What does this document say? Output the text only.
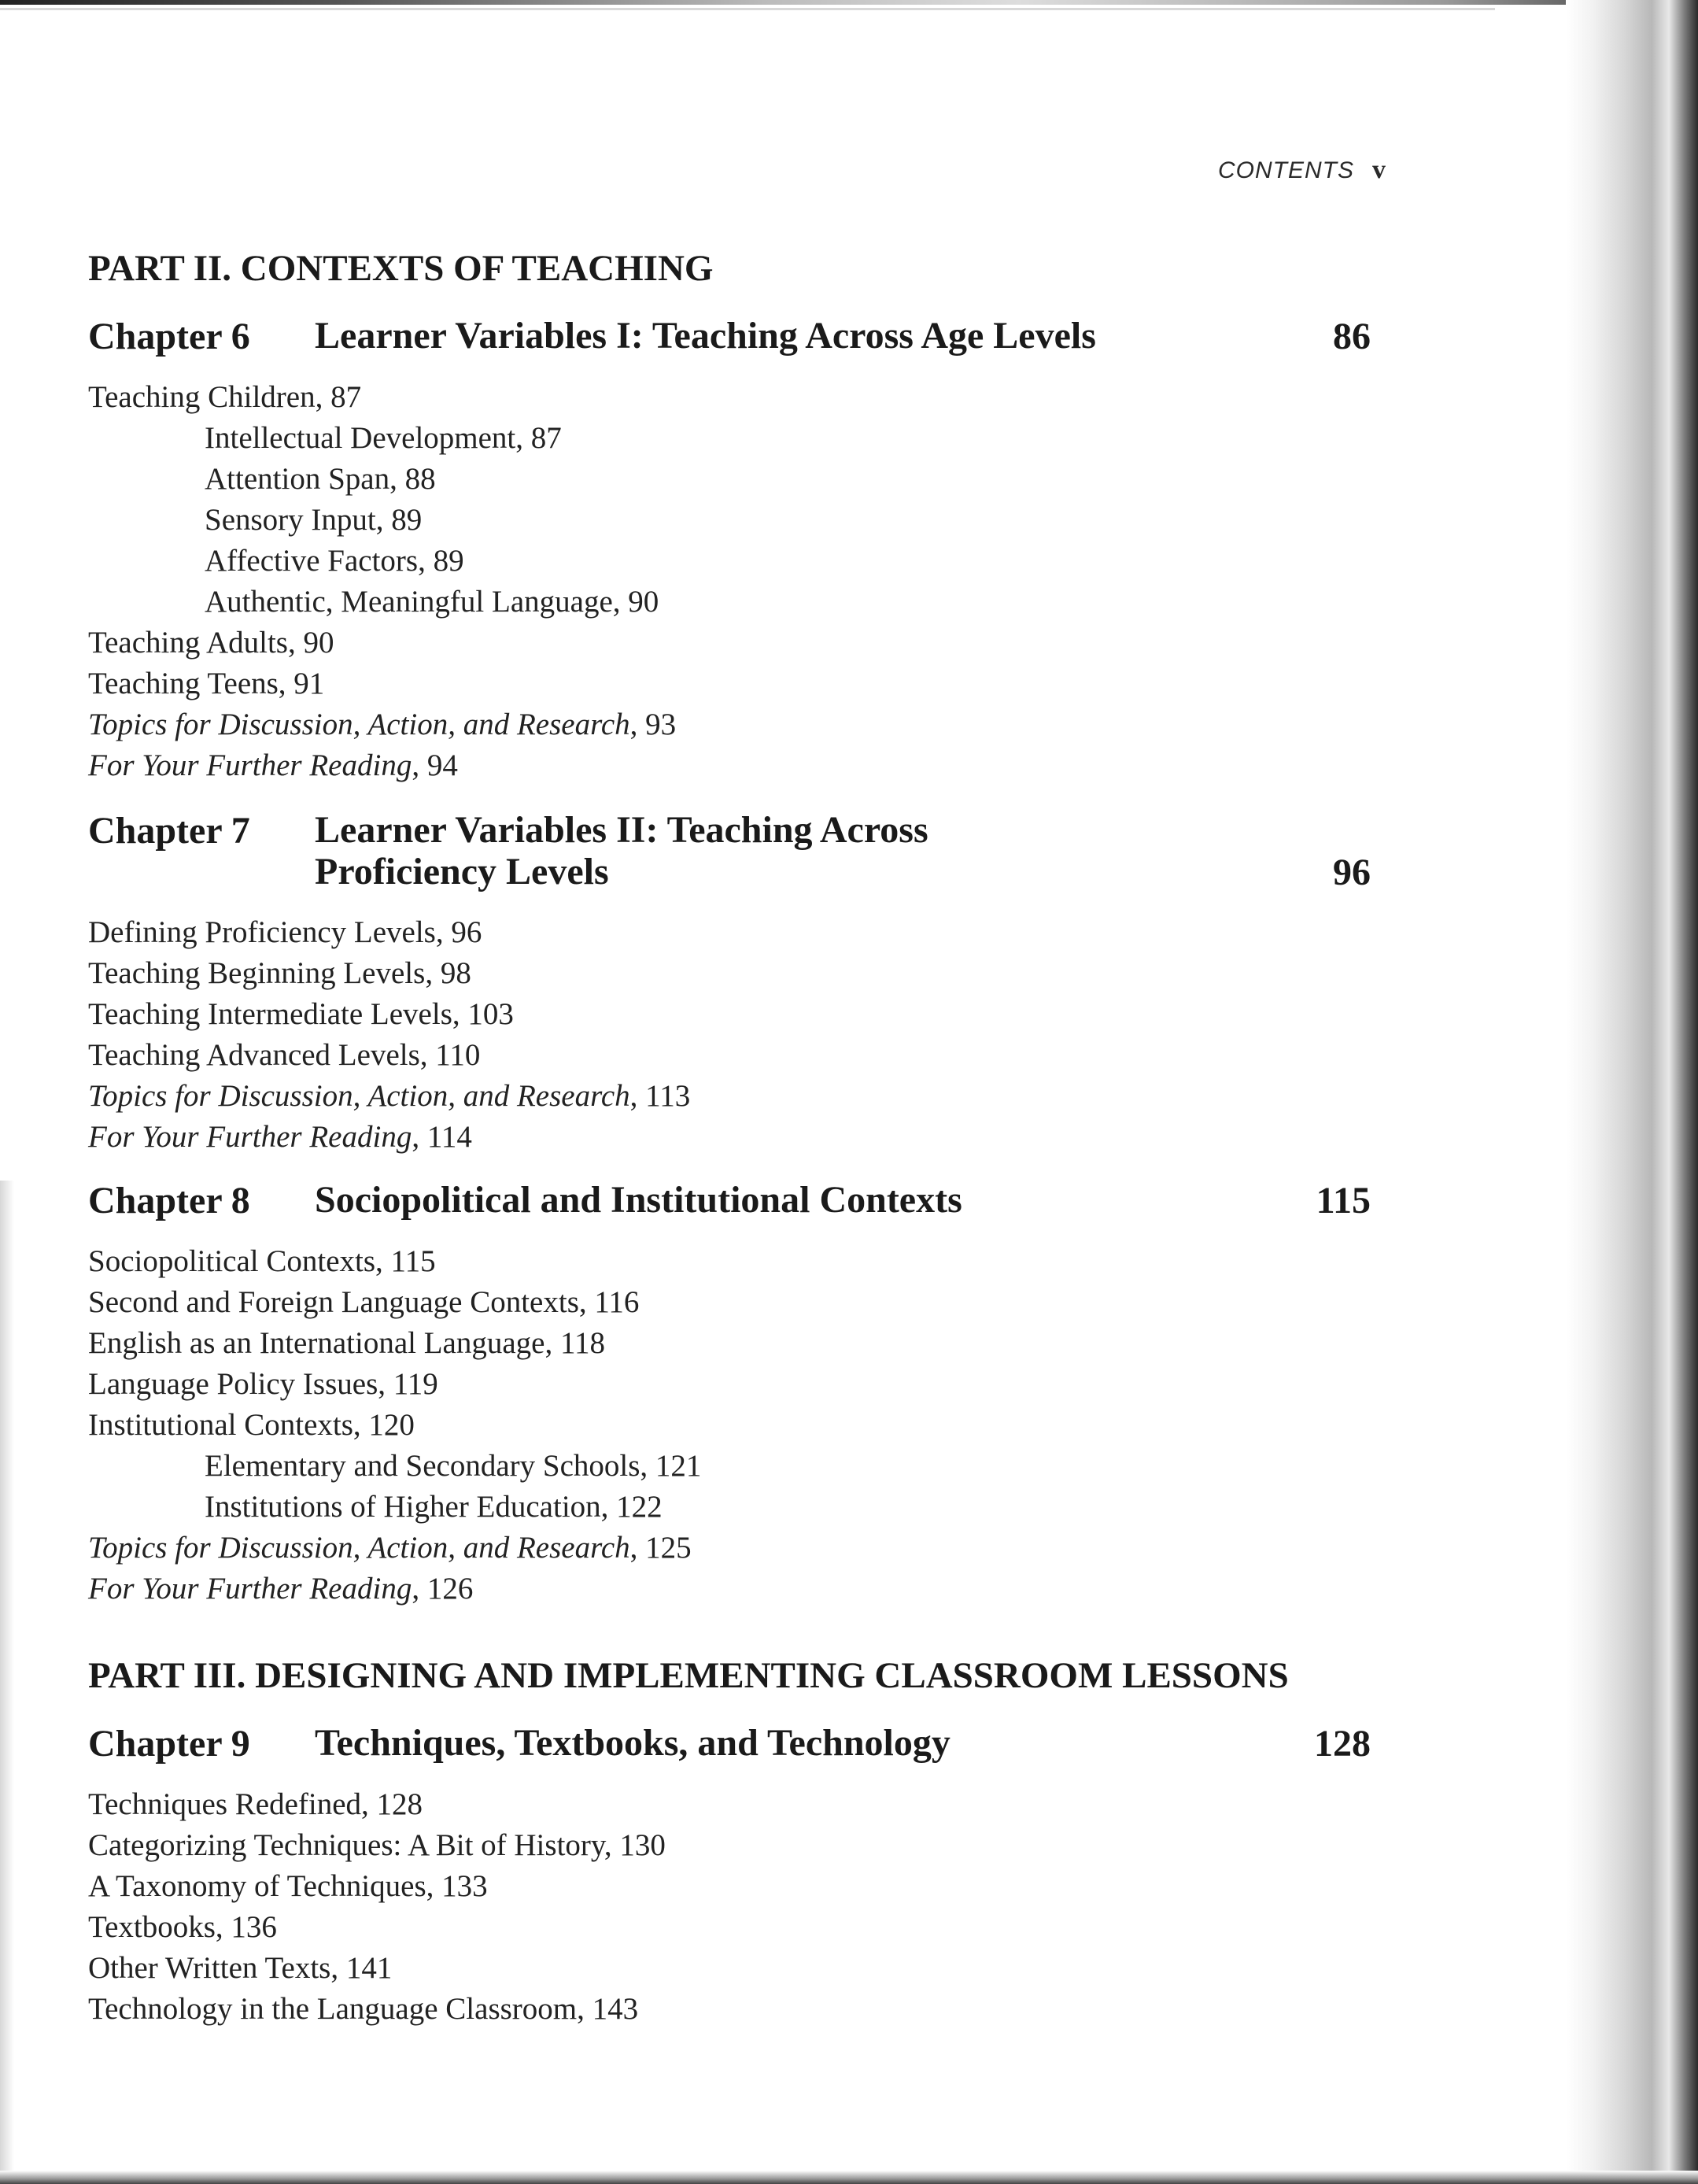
CONTENTS v
PART II. CONTEXTS OF TEACHING
Chapter 6 Learner Variables I: Teaching Across Age Levels	86
Teaching Children, 87
Intellectual Development, 87
Attention Span, 88
Sensory Input, 89
Affective Factors, 89
Authentic, Meaningful Language, 90
Teaching Adults, 90
Teaching Teens, 91
Topics for Discussion, Action, and Research, 93
For Your Further Reading, 94
Chapter 7 Learner Variables II: Teaching Across
Proficiency Levels	96
Defining Proficiency Levels, 96
Teaching Beginning Levels, 98
Teaching Intermediate Levels, 103
Teaching Advanced Levels, 110
Topics for Discussion, Action, and Research, 113
For Your Further Reading, 114
Chapter 8 Sociopolitical and Institutional Contexts	115
Sociopolitical Contexts, 115
Second and Foreign Language Contexts, 116
English as an International Language, 118
Language Policy Issues, 119
Institutional Contexts, 120
Elementary and Secondary Schools, 121
Institutions of Higher Education, 122
Topics for Discussion, Action, and Research, 125
For Your Further Reading, 126
PART III. DESIGNING AND IMPLEMENTING CLASSROOM LESSONS
Chapter 9 Techniques, Textbooks, and Technology	128
Techniques Redefined, 128
Categorizing Techniques: A Bit of History, 130
A Taxonomy of Techniques, 133
Textbooks, 136
Other Written Texts, 141
Technology in the Language Classroom, 143
